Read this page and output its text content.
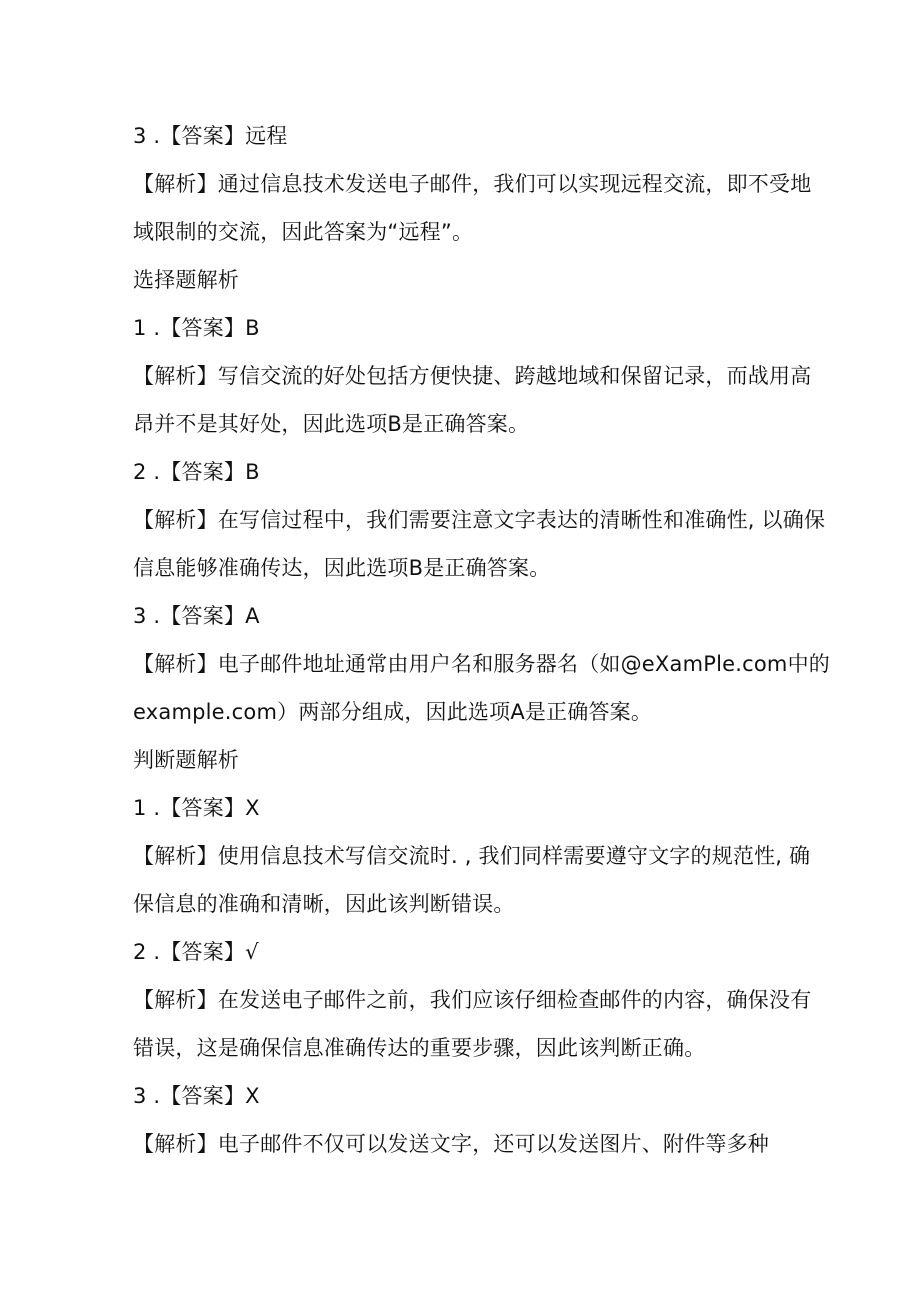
3 .【答案】远程
【解析】通过信息技术发送电子邮件，我们可以实现远程交流，即不受地
域限制的交流，因此答案为“远程”。
选择题解析
1 .【答案】B
【解析】写信交流的好处包括方便快捷、跨越地域和保留记录，而战用高
昂并不是其好处，因此选项B是正确答案。
2 .【答案】B
【解析】在写信过程中，我们需要注意文字表达的清晰性和准确性, 以确保
信息能够准确传达，因此选项B是正确答案。
3 .【答案】A
【解析】电子邮件地址通常由用户名和服务器名（如@eXamPle.com中的
example.com）两部分组成，因此选项A是正确答案。
判断题解析
1 .【答案】X
【解析】使用信息技术写信交流时. , 我们同样需要遵守文字的规范性, 确
保信息的准确和清晰，因此该判断错误。
2 .【答案】√
【解析】在发送电子邮件之前，我们应该仔细检查邮件的内容，确保没有
错误，这是确保信息准确传达的重要步骤，因此该判断正确。
3 .【答案】X
【解析】电子邮件不仅可以发送文字，还可以发送图片、附件等多种
